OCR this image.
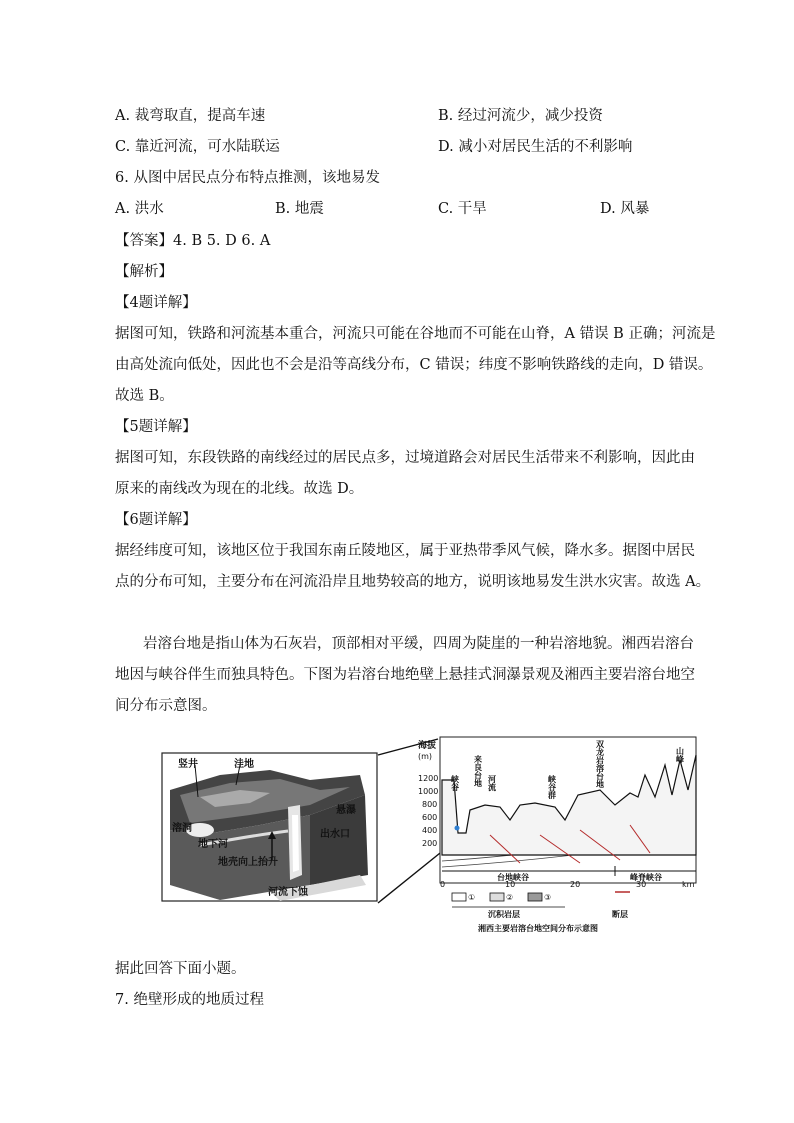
A. 裁弯取直，提高车速	B. 经过河流少，减少投资
C. 靠近河流，可水陆联运	D. 减小对居民生活的不利影响
6. 从图中居民点分布特点推测，该地易发
A. 洪水	B. 地震	C. 干旱	D. 风暴
【答案】4. B 5. D 6. A
【解析】
【4题详解】
据图可知，铁路和河流基本重合，河流只可能在谷地而不可能在山脊，A 错误 B 正确；河流是
由高处流向低处，因此也不会是沿等高线分布，C 错误；纬度不影响铁路线的走向，D 错误。
故选 B。
【5题详解】
据图可知，东段铁路的南线经过的居民点多，过境道路会对居民生活带来不利影响，因此由
原来的南线改为现在的北线。故选 D。
【6题详解】
据经纬度可知，该地区位于我国东南丘陵地区，属于亚热带季风气候，降水多。据图中居民
点的分布可知，主要分布在河流沿岸且地势较高的地方，说明该地易发生洪水灾害。故选 A。
岩溶台地是指山体为石灰岩，顶部相对平缓，四周为陡崖的一种岩溶地貌。湘西岩溶台
地因与峡谷伴生而独具特色。下图为岩溶台地绝壁上悬挂式洞瀑景观及湘西主要岩溶台地空
间分布示意图。
竖井	洼地
悬瀑
溶洞
出水口
地下河
地壳向上抬升
河流下蚀
海拔
(m)
1200
1000
800
600
400
200
0	10	20	30	km
台地峡谷	峰脊峡谷
峡谷 来良台地 河流	峡谷群	双龙岩溶台地	山峰
①	②	③
沉积岩层	断层
湘西主要岩溶台地空间分布示意图
据此回答下面小题。
7. 绝壁形成的地质过程
